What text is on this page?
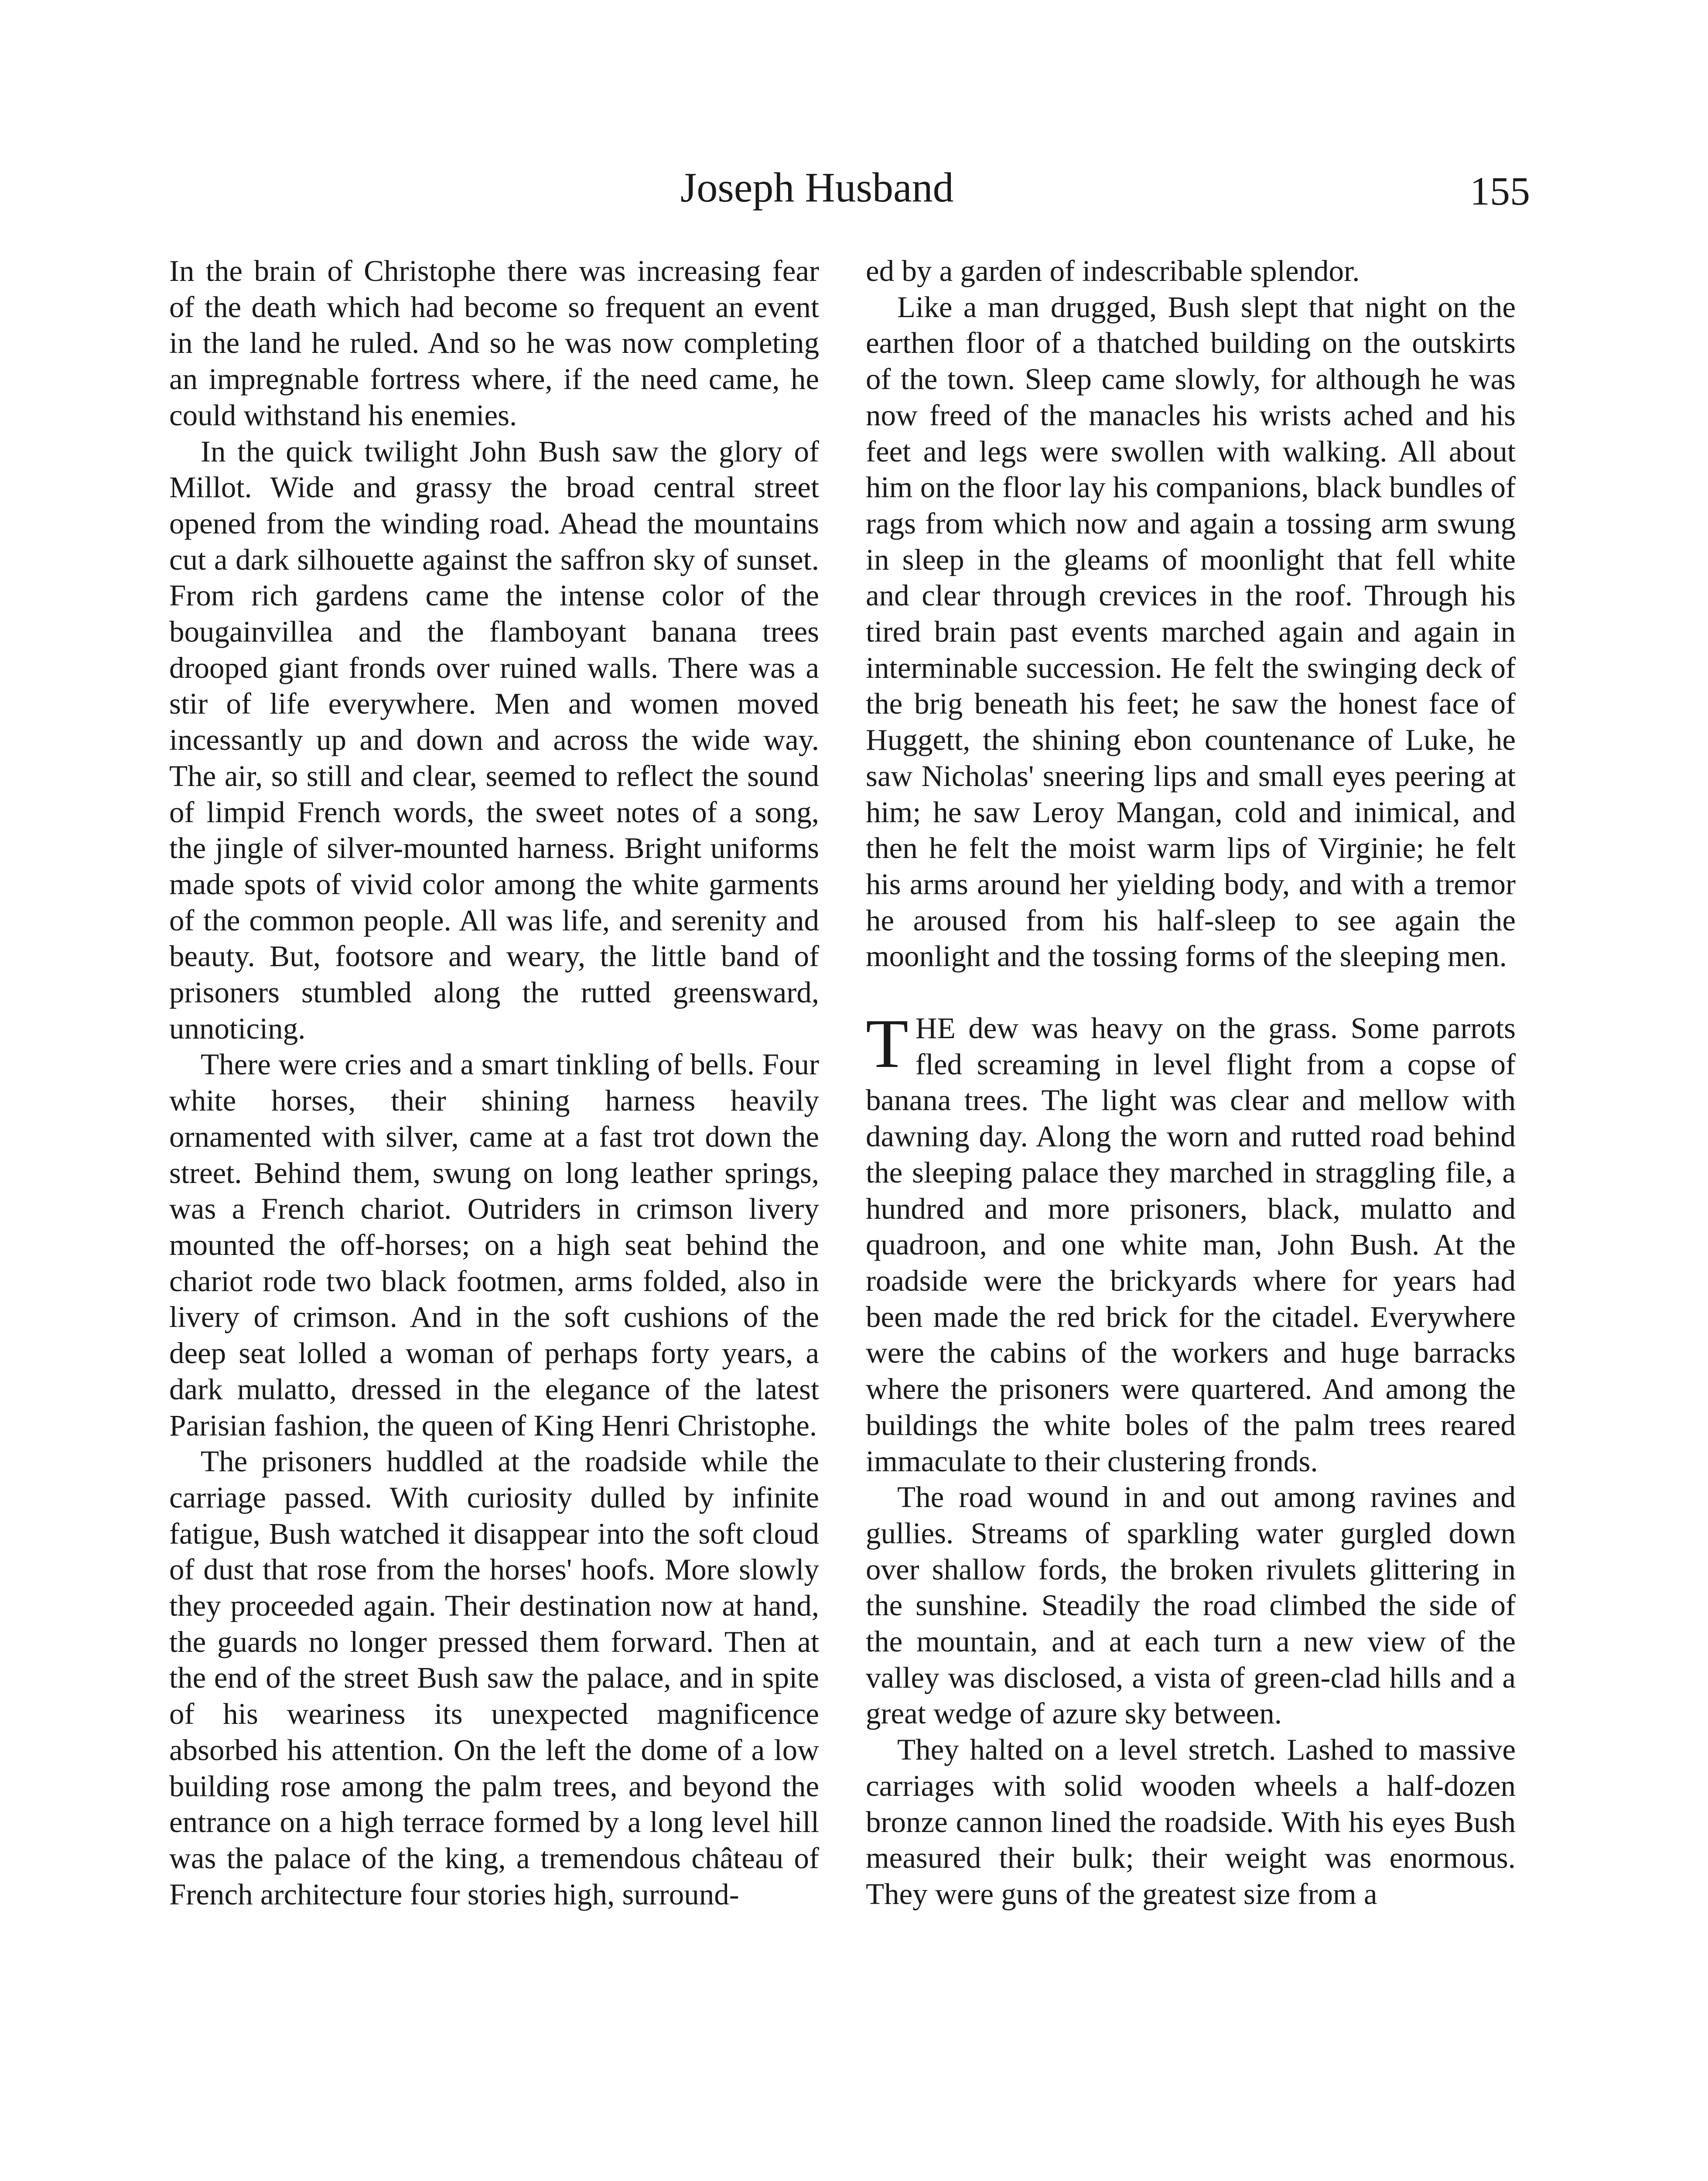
Joseph Husband	155

In the brain of Christophe there was increasing fear of the death which had become so frequent an event in the land he ruled. And so he was now completing an impregnable fortress where, if the need came, he could withstand his enemies.

In the quick twilight John Bush saw the glory of Millot. Wide and grassy the broad central street opened from the winding road. Ahead the mountains cut a dark silhouette against the saffron sky of sunset. From rich gardens came the intense color of the bougainvillea and the flamboyant banana trees drooped giant fronds over ruined walls. There was a stir of life everywhere. Men and women moved incessantly up and down and across the wide way. The air, so still and clear, seemed to reflect the sound of limpid French words, the sweet notes of a song, the jingle of silver-mounted harness. Bright uniforms made spots of vivid color among the white garments of the common people. All was life, and serenity and beauty. But, footsore and weary, the little band of prisoners stumbled along the rutted greensward, unnoticing.

There were cries and a smart tinkling of bells. Four white horses, their shining harness heavily ornamented with silver, came at a fast trot down the street. Behind them, swung on long leather springs, was a French chariot. Outriders in crimson livery mounted the off-horses; on a high seat behind the chariot rode two black footmen, arms folded, also in livery of crimson. And in the soft cushions of the deep seat lolled a woman of perhaps forty years, a dark mulatto, dressed in the elegance of the latest Parisian fashion, the queen of King Henri Christophe.

The prisoners huddled at the roadside while the carriage passed. With curiosity dulled by infinite fatigue, Bush watched it disappear into the soft cloud of dust that rose from the horses' hoofs. More slowly they proceeded again. Their destination now at hand, the guards no longer pressed them forward. Then at the end of the street Bush saw the palace, and in spite of his weariness its unexpected magnificence absorbed his attention. On the left the dome of a low building rose among the palm trees, and beyond the entrance on a high terrace formed by a long level hill was the palace of the king, a tremendous château of French architecture four stories high, surround-

ed by a garden of indescribable splendor.

Like a man drugged, Bush slept that night on the earthen floor of a thatched building on the outskirts of the town. Sleep came slowly, for although he was now freed of the manacles his wrists ached and his feet and legs were swollen with walking. All about him on the floor lay his companions, black bundles of rags from which now and again a tossing arm swung in sleep in the gleams of moonlight that fell white and clear through crevices in the roof. Through his tired brain past events marched again and again in interminable succession. He felt the swinging deck of the brig beneath his feet; he saw the honest face of Huggett, the shining ebon countenance of Luke, he saw Nicholas' sneering lips and small eyes peering at him; he saw Leroy Mangan, cold and inimical, and then he felt the moist warm lips of Virginie; he felt his arms around her yielding body, and with a tremor he aroused from his half-sleep to see again the moonlight and the tossing forms of the sleeping men.

THE dew was heavy on the grass. Some parrots fled screaming in level flight from a copse of banana trees. The light was clear and mellow with dawning day. Along the worn and rutted road behind the sleeping palace they marched in straggling file, a hundred and more prisoners, black, mulatto and quadroon, and one white man, John Bush. At the roadside were the brickyards where for years had been made the red brick for the citadel. Everywhere were the cabins of the workers and huge barracks where the prisoners were quartered. And among the buildings the white boles of the palm trees reared immaculate to their clustering fronds.

The road wound in and out among ravines and gullies. Streams of sparkling water gurgled down over shallow fords, the broken rivulets glittering in the sunshine. Steadily the road climbed the side of the mountain, and at each turn a new view of the valley was disclosed, a vista of green-clad hills and a great wedge of azure sky between.

They halted on a level stretch. Lashed to massive carriages with solid wooden wheels a half-dozen bronze cannon lined the roadside. With his eyes Bush measured their bulk; their weight was enormous. They were guns of the greatest size from a
